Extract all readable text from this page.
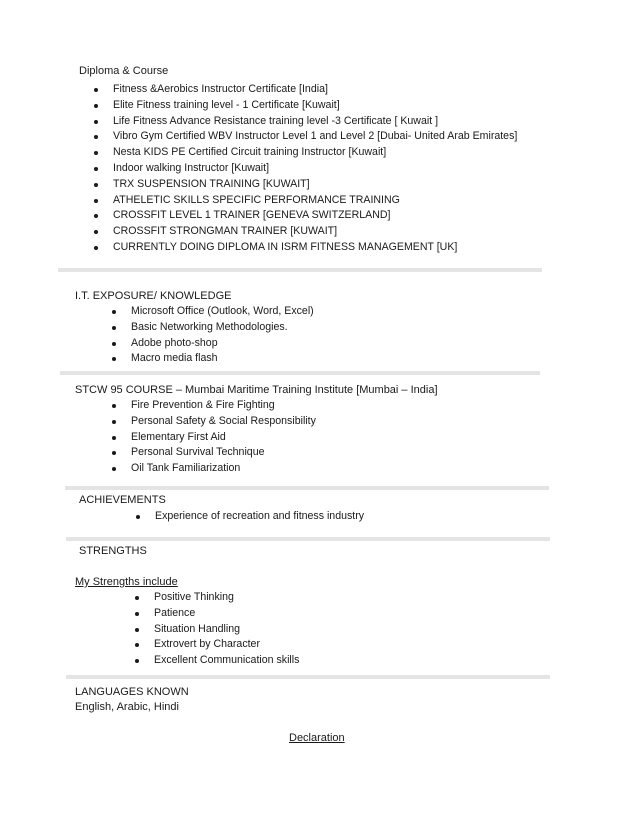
Diploma & Course
Fitness &Aerobics Instructor Certificate [India]
Elite Fitness training level - 1 Certificate [Kuwait]
Life Fitness Advance Resistance training level -3 Certificate [ Kuwait ]
Vibro Gym Certified WBV Instructor Level 1 and Level 2 [Dubai- United Arab Emirates]
Nesta KIDS PE Certified Circuit training Instructor [Kuwait]
Indoor walking Instructor [Kuwait]
TRX SUSPENSION TRAINING [KUWAIT]
ATHELETIC SKILLS SPECIFIC PERFORMANCE TRAINING
CROSSFIT LEVEL 1 TRAINER [GENEVA SWITZERLAND]
CROSSFIT STRONGMAN TRAINER [KUWAIT]
CURRENTLY DOING DIPLOMA IN ISRM FITNESS MANAGEMENT [UK]
I.T. EXPOSURE/ KNOWLEDGE
Microsoft Office (Outlook, Word, Excel)
Basic Networking Methodologies.
Adobe photo-shop
Macro media flash
STCW 95 COURSE – Mumbai Maritime Training Institute [Mumbai – India]
Fire Prevention & Fire Fighting
Personal Safety & Social Responsibility
Elementary First Aid
Personal Survival Technique
Oil Tank Familiarization
ACHIEVEMENTS
Experience of recreation and fitness industry
STRENGTHS
My Strengths include
Positive Thinking
Patience
Situation Handling
Extrovert by Character
Excellent Communication skills
LANGUAGES KNOWN
English, Arabic, Hindi
Declaration
